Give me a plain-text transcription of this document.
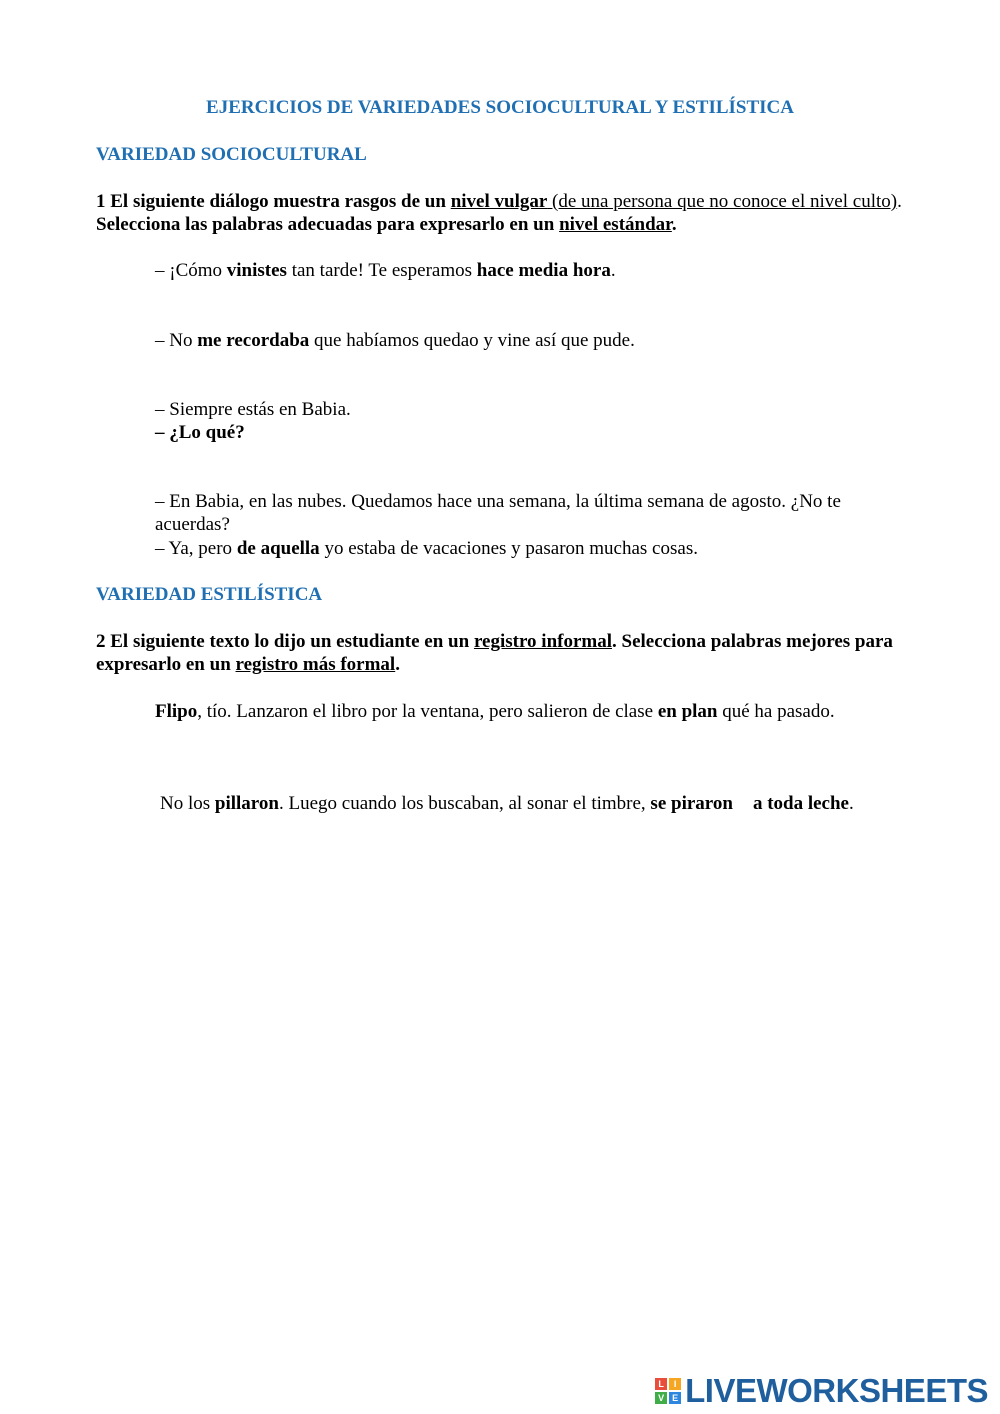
EJERCICIOS DE VARIEDADES SOCIOCULTURAL Y ESTILÍSTICA
VARIEDAD SOCIOCULTURAL
1 El siguiente diálogo muestra rasgos de un nivel vulgar (de una persona que no conoce el nivel culto). Selecciona las palabras adecuadas para expresarlo en un nivel estándar.
– ¡Cómo vinistes tan tarde! Te esperamos hace media hora.
– No me recordaba que habíamos quedao y vine así que pude.
– Siempre estás en Babia.
– ¿Lo qué?
– En Babia, en las nubes. Quedamos hace una semana, la última semana de agosto. ¿No te acuerdas?
– Ya, pero de aquella yo estaba de vacaciones y pasaron muchas cosas.
VARIEDAD ESTILÍSTICA
2 El siguiente texto lo dijo un estudiante en un registro informal. Selecciona palabras mejores para expresarlo en un registro más formal.
Flipo, tío. Lanzaron el libro por la ventana, pero salieron de clase en plan qué ha pasado.
No los pillaron. Luego cuando los buscaban, al sonar el timbre, se piraron a toda leche.
L	I
V E LIVEWORKSHEETS
